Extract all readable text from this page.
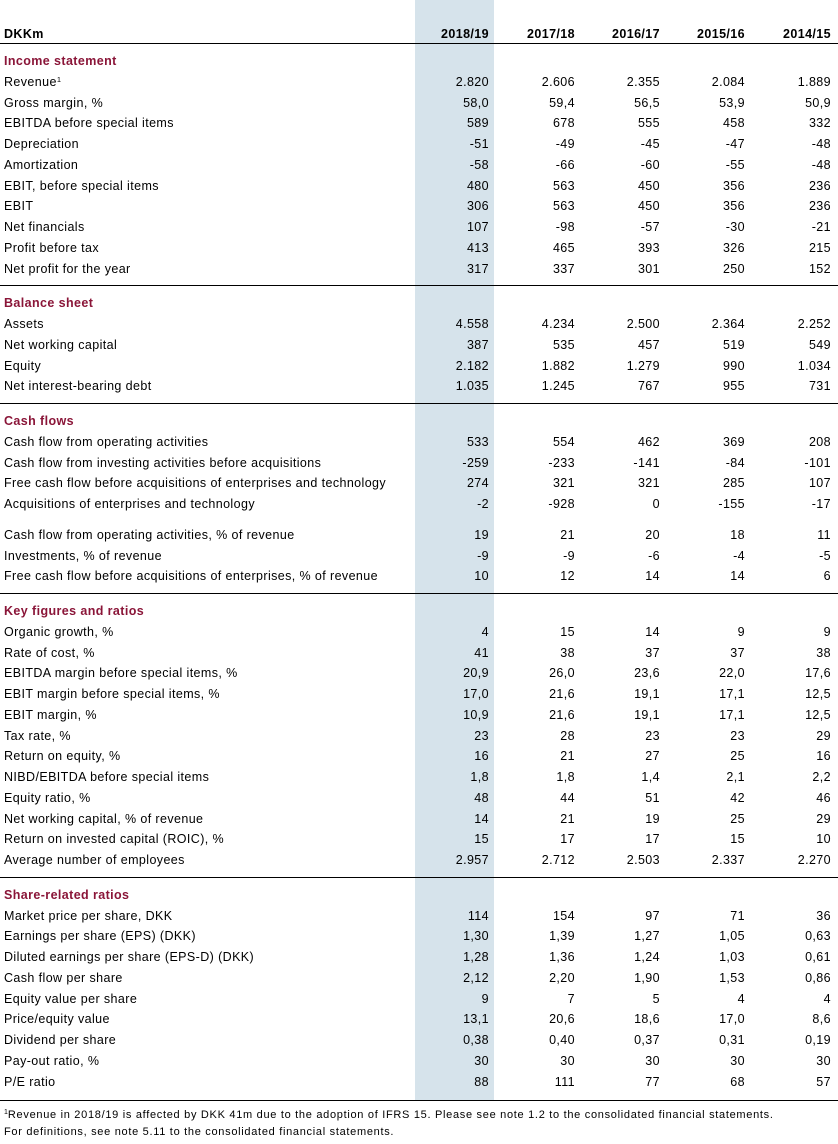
DKKm	2018/19	2017/18	2016/17	2015/16	2014/15
Income statement
Revenue$^1$	2.820	2.606	2.355	2.084	1.889
Gross margin, %	58,0	59,4	56,5	53,9	50,9
EBITDA before special items	589	678	555	458	332
Depreciation	-51	-49	-45	-47	-48
Amortization	-58	-66	-60	-55	-48
EBIT, before special items	480	563	450	356	236
EBIT	306	563	450	356	236
Net financials	107	-98	-57	-30	-21
Profit before tax	413	465	393	326	215
Net profit for the year	317	337	301	250	152
Balance sheet
Assets	4.558	4.234	2.500	2.364	2.252
Net working capital	387	535	457	519	549
Equity	2.182	1.882	1.279	990	1.034
Net interest-bearing debt	1.035	1.245	767	955	731
Cash flows
Cash flow from operating activities	533	554	462	369	208
Cash flow from investing activities before acquisitions	-259	-233	-141	-84	-101
Free cash flow before acquisitions of enterprises and technology	274	321	321	285	107
Acquisitions of enterprises and technology	-2	-928	0	-155	-17
Cash flow from operating activities, % of revenue	19	21	20	18	11
Investments, % of revenue	-9	-9	-6	-4	-5
Free cash flow before acquisitions of enterprises, % of revenue	10	12	14	14	6
Key figures and ratios
Organic growth, %	4	15	14	9	9
Rate of cost, %	41	38	37	37	38
EBITDA margin before special items, %	20,9	26,0	23,6	22,0	17,6
EBIT margin before special items, %	17,0	21,6	19,1	17,1	12,5
EBIT margin, %	10,9	21,6	19,1	17,1	12,5
Tax rate, %	23	28	23	23	29
Return on equity, %	16	21	27	25	16
NIBD/EBITDA before special items	1,8	1,8	1,4	2,1	2,2
Equity ratio, %	48	44	51	42	46
Net working capital, % of revenue	14	21	19	25	29
Return on invested capital (ROIC), %	15	17	17	15	10
Average number of employees	2.957	2.712	2.503	2.337	2.270
Share-related ratios
Market price per share, DKK	114	154	97	71	36
Earnings per share (EPS) (DKK)	1,30	1,39	1,27	1,05	0,63
Diluted earnings per share (EPS-D) (DKK)	1,28	1,36	1,24	1,03	0,61
Cash flow per share	2,12	2,20	1,90	1,53	0,86
Equity value per share	9	7	5	4	4
Price/equity value	13,1	20,6	18,6	17,0	8,6
Dividend per share	0,38	0,40	0,37	0,31	0,19
Pay-out ratio, %	30	30	30	30	30
P/E ratio	88	111	77	68	57
$^1$Revenue in 2018/19 is affected by DKK 41m due to the adoption of IFRS 15. Please see note 1.2 to the consolidated financial statements.
For definitions, see note 5.11 to the consolidated financial statements.
